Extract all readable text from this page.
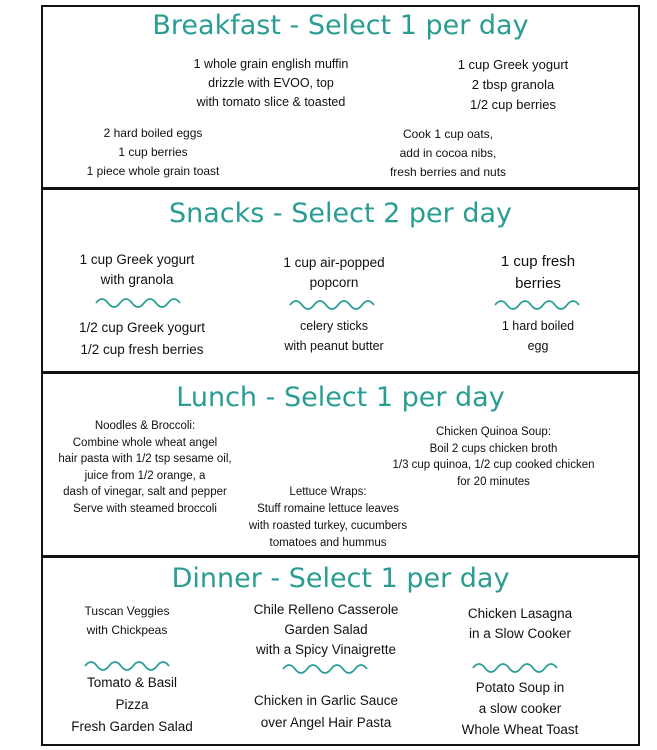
Breakfast - Select 1 per day
1 whole grain english muffin
drizzle with EVOO, top
with tomato slice & toasted
1 cup Greek yogurt
2 tbsp granola
1/2 cup berries
2 hard boiled eggs
1 cup berries
1 piece whole grain toast
Cook 1 cup oats,
add in cocoa nibs,
fresh berries and nuts
Snacks - Select 2 per day
1 cup Greek yogurt
with granola
1 cup air-popped
popcorn
1 cup fresh
berries
1/2 cup Greek yogurt
1/2 cup fresh berries
celery sticks
with peanut butter
1 hard boiled
egg
Lunch - Select 1 per day
Noodles & Broccoli:
Combine whole wheat angel
hair pasta with 1/2 tsp sesame oil,
juice from 1/2 orange, a
dash of vinegar, salt and pepper
Serve with steamed broccoli
Chicken Quinoa Soup:
Boil 2 cups chicken broth
1/3 cup quinoa, 1/2 cup cooked chicken
for 20 minutes
Lettuce Wraps:
Stuff romaine lettuce leaves
with roasted turkey, cucumbers
tomatoes and hummus
Dinner - Select 1 per day
Tuscan Veggies
with Chickpeas
Chile Relleno Casserole
Garden Salad
with a Spicy Vinaigrette
Chicken Lasagna
in a Slow Cooker
Tomato & Basil
Pizza
Fresh Garden Salad
Chicken in Garlic Sauce
over Angel Hair Pasta
Potato Soup in
a slow cooker
Whole Wheat Toast
